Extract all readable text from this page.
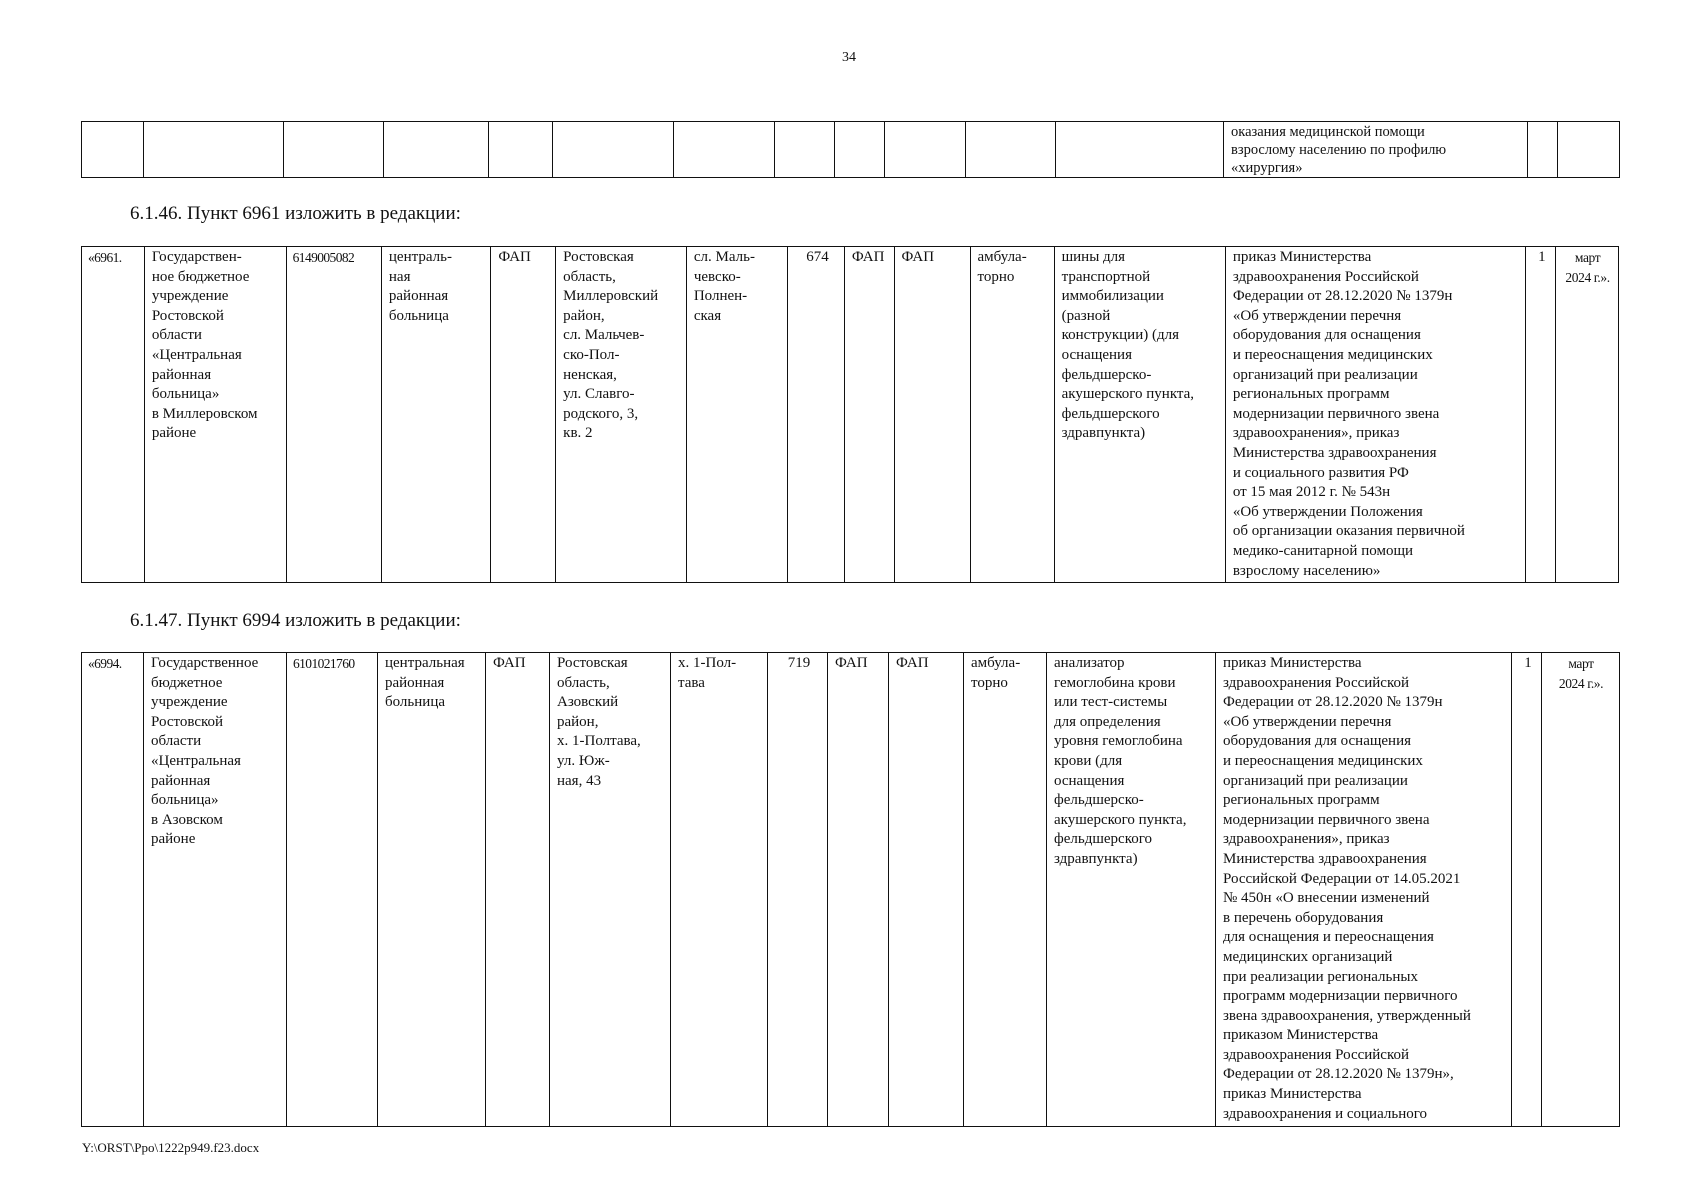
34
												оказания медицинской помощи
взрослому населению по профилю
«хирургия»		
6.1.46. Пункт 6961 изложить в редакции:
«6961.	Государствен-
ное бюджетное
учреждение
Ростовской
области
«Центральная
районная
больница»
в Миллеровском
районе	6149005082	централь-
ная
районная
больница	ФАП	Ростовская
область,
Миллеровский
район,
сл. Мальчев-
ско-Пол-
ненская,
ул. Славго-
родского, 3,
кв. 2	сл. Маль-
чевско-
Полнен-
ская	674	ФАП	ФАП	амбула-
торно	шины для
транспортной
иммобилизации
(разной
конструкции) (для
оснащения
фельдшерско-
акушерского пункта,
фельдшерского
здравпункта)	приказ Министерства
здравоохранения Российской
Федерации от 28.12.2020 № 1379н
«Об утверждении перечня
оборудования для оснащения
и переоснащения медицинских
организаций при реализации
региональных программ
модернизации первичного звена
здравоохранения», приказ
Министерства здравоохранения
и социального развития РФ
от 15 мая 2012 г. № 543н
«Об утверждении Положения
об организации оказания первичной
медико-санитарной помощи
взрослому населению»	1	март
2024 г.».
6.1.47. Пункт 6994 изложить в редакции:
«6994.	Государственное
бюджетное
учреждение
Ростовской
области
«Центральная
районная
больница»
в Азовском
районе	6101021760	центральная
районная
больница	ФАП	Ростовская
область,
Азовский
район,
х. 1-Полтава,
ул. Юж-
ная, 43	х. 1-Пол-
тава	719	ФАП	ФАП	амбула-
торно	анализатор
гемоглобина крови
или тест-системы
для определения
уровня гемоглобина
крови (для
оснащения
фельдшерско-
акушерского пункта,
фельдшерского
здравпункта)	приказ Министерства
здравоохранения Российской
Федерации от 28.12.2020 № 1379н
«Об утверждении перечня
оборудования для оснащения
и переоснащения медицинских
организаций при реализации
региональных программ
модернизации первичного звена
здравоохранения», приказ
Министерства здравоохранения
Российской Федерации от 14.05.2021
№ 450н «О внесении изменений
в перечень оборудования
для оснащения и переоснащения
медицинских организаций
при реализации региональных
программ модернизации первичного
звена здравоохранения, утвержденный
приказом Министерства
здравоохранения Российской
Федерации от 28.12.2020 № 1379н»,
приказ Министерства
здравоохранения и социального	1	март
2024 г.».
Y:\ORST\Ppo\1222p949.f23.docx
